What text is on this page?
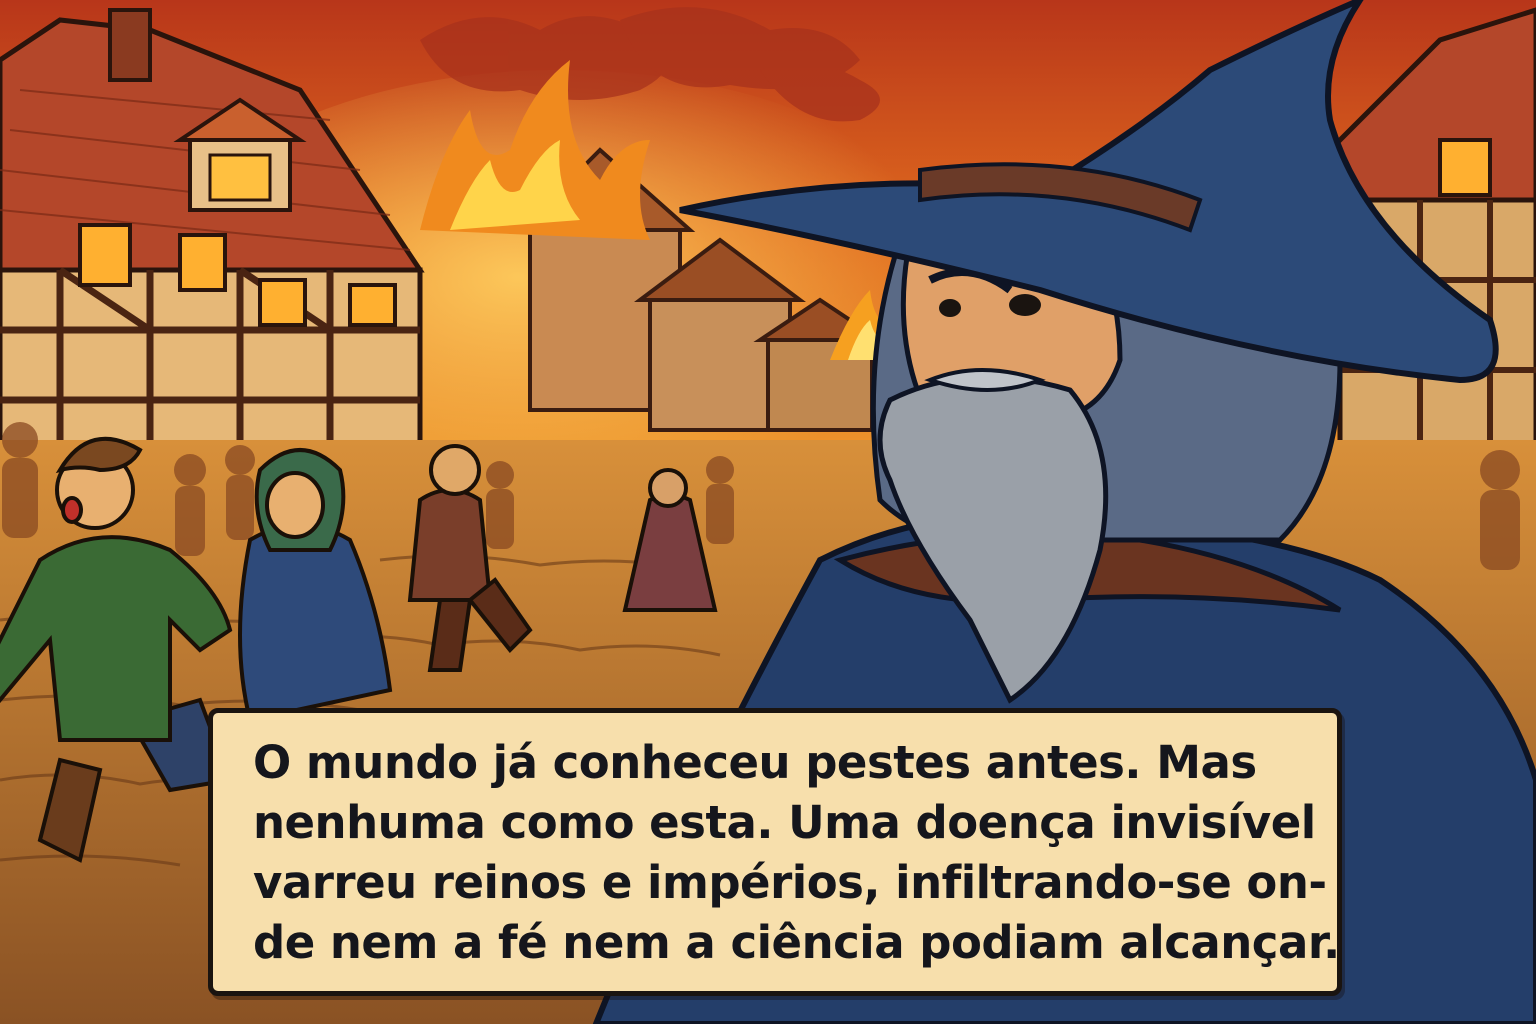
O mundo já conheceu pestes antes. Mas
nenhuma como esta. Uma doença invisível
varreu reinos e impérios, infiltrando-se on-
de nem a fé nem a ciência podiam alcançar.
